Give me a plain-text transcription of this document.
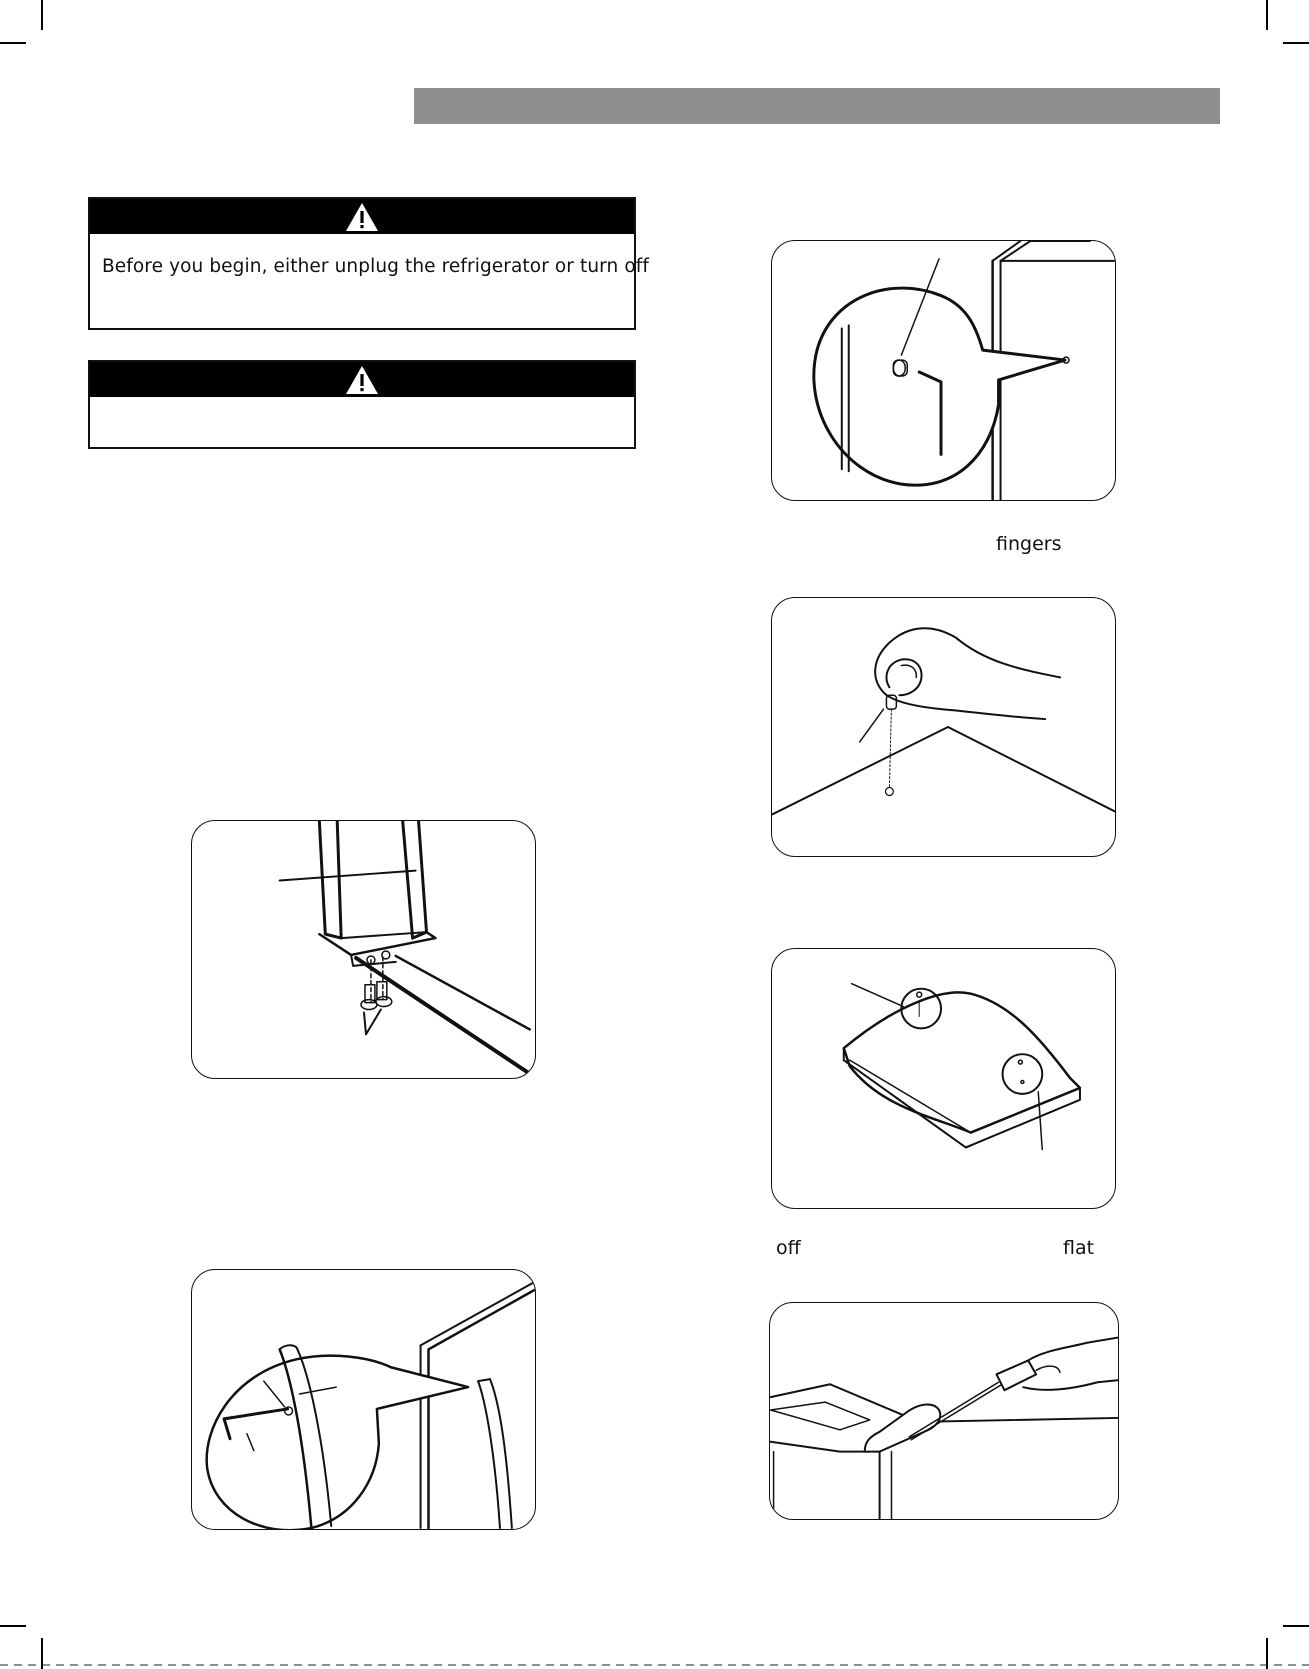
Before you begin, either unplug the refrigerator or turn off
fingers
off	flat
